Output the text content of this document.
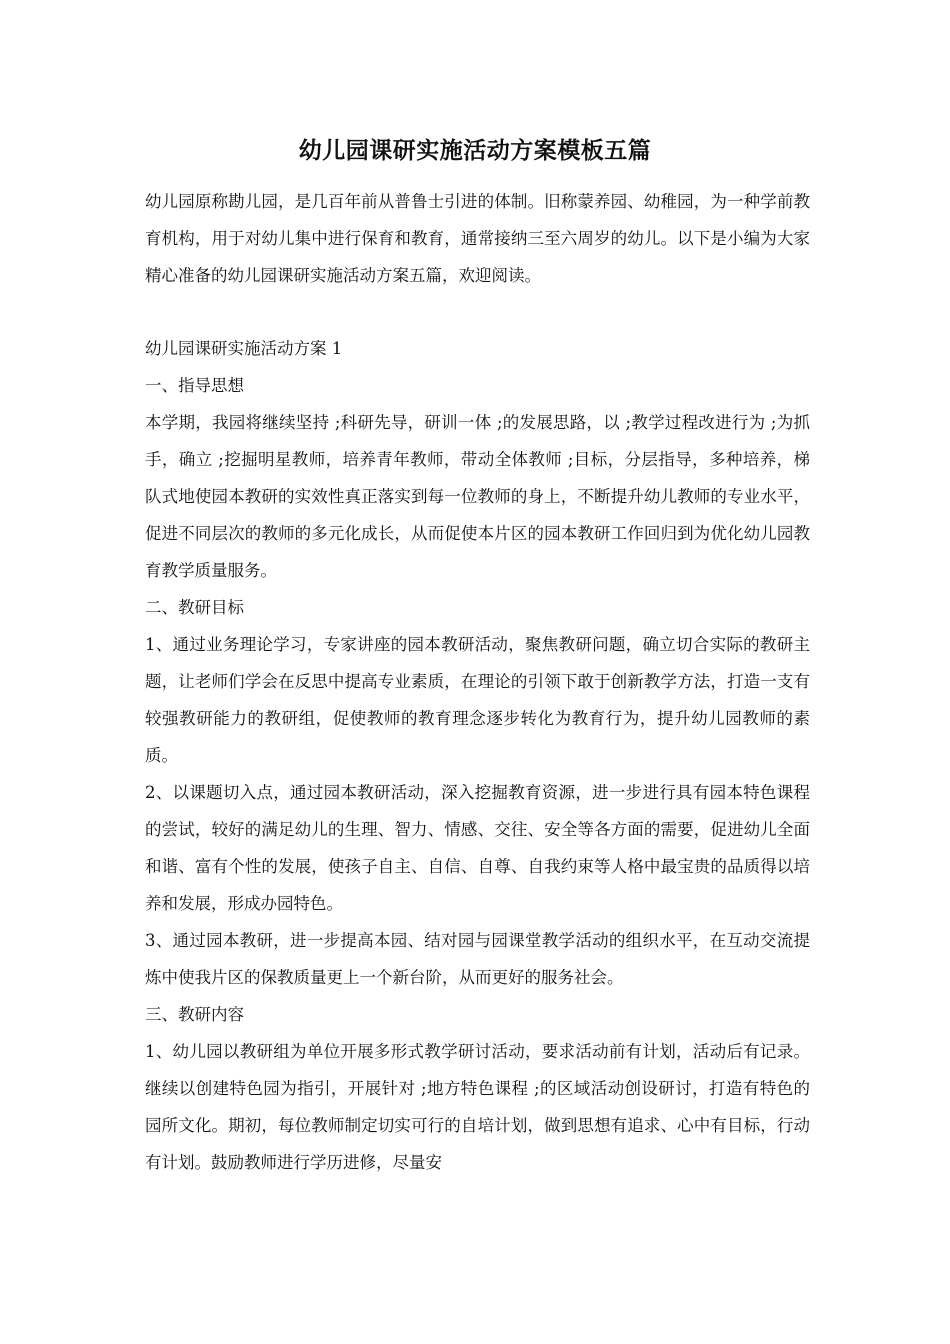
幼儿园课研实施活动方案模板五篇

幼儿园原称勘儿园，是几百年前从普鲁士引进的体制。旧称蒙养园、幼稚园，为一种学前教育机构，用于对幼儿集中进行保育和教育，通常接纳三至六周岁的幼儿。以下是小编为大家精心准备的幼儿园课研实施活动方案五篇，欢迎阅读。

幼儿园课研实施活动方案 1

一、指导思想

本学期，我园将继续坚持 ;科研先导，研训一体 ;的发展思路，以 ;教学过程改进行为 ;为抓手，确立 ;挖掘明星教师，培养青年教师，带动全体教师 ;目标，分层指导，多种培养，梯队式地使园本教研的实效性真正落实到每一位教师的身上，不断提升幼儿教师的专业水平，促进不同层次的教师的多元化成长，从而促使本片区的园本教研工作回归到为优化幼儿园教育教学质量服务。

二、教研目标

1、通过业务理论学习，专家讲座的园本教研活动，聚焦教研问题，确立切合实际的教研主题，让老师们学会在反思中提高专业素质，在理论的引领下敢于创新教学方法，打造一支有较强教研能力的教研组，促使教师的教育理念逐步转化为教育行为，提升幼儿园教师的素质。

2、以课题切入点，通过园本教研活动，深入挖掘教育资源，进一步进行具有园本特色课程的尝试，较好的满足幼儿的生理、智力、情感、交往、安全等各方面的需要，促进幼儿全面和谐、富有个性的发展，使孩子自主、自信、自尊、自我约束等人格中最宝贵的品质得以培养和发展，形成办园特色。

3、通过园本教研，进一步提高本园、结对园与园课堂教学活动的组织水平，在互动交流提炼中使我片区的保教质量更上一个新台阶，从而更好的服务社会。

三、教研内容

1、幼儿园以教研组为单位开展多形式教学研讨活动，要求活动前有计划，活动后有记录。继续以创建特色园为指引，开展针对 ;地方特色课程 ;的区域活动创设研讨，打造有特色的园所文化。期初，每位教师制定切实可行的自培计划，做到思想有追求、心中有目标，行动有计划。鼓励教师进行学历进修，尽量安
